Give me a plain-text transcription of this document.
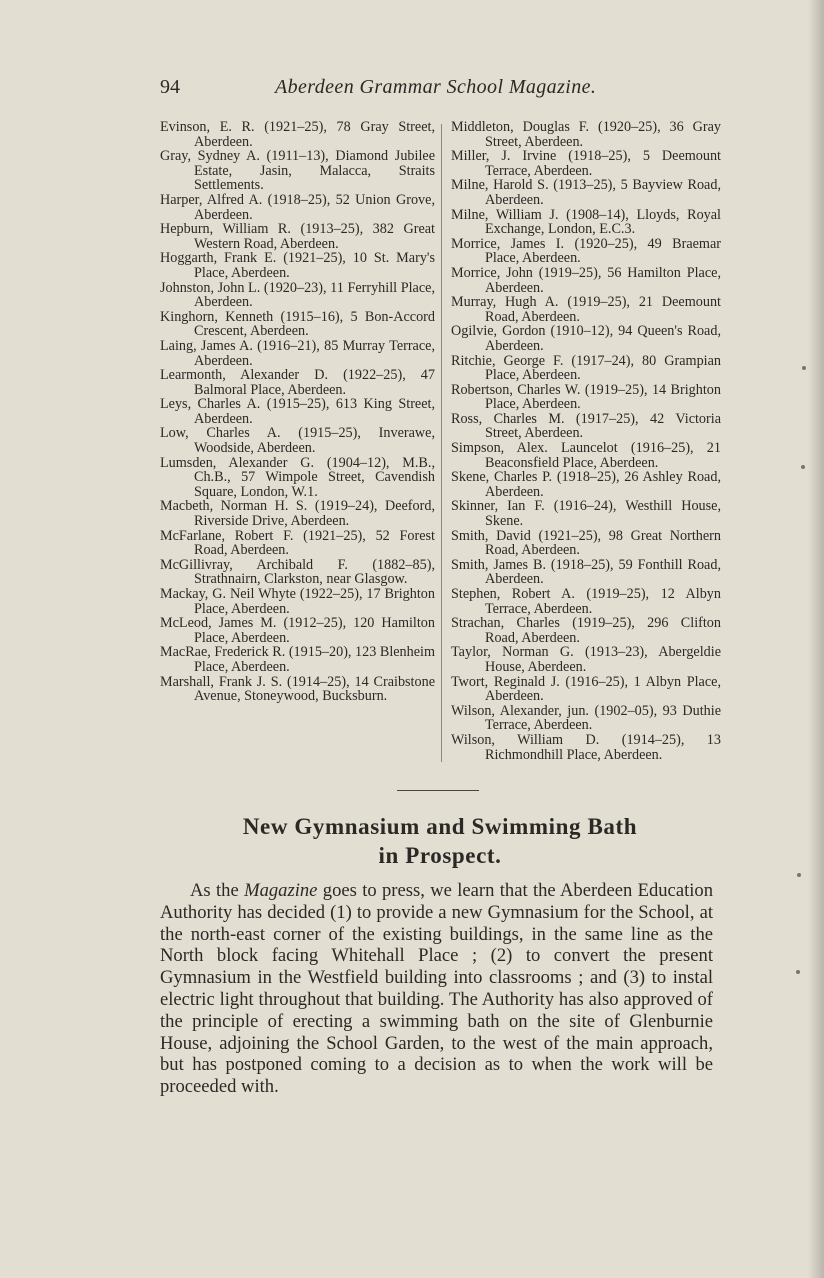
94	Aberdeen Grammar School Magazine.

Evinson, E. R. (1921–25), 78 Gray Street, Aberdeen.

Gray, Sydney A. (1911–13), Diamond Jubilee Estate, Jasin, Malacca, Straits Settlements.

Harper, Alfred A. (1918–25), 52 Union Grove, Aberdeen.

Hepburn, William R. (1913–25), 382 Great Western Road, Aberdeen.

Hoggarth, Frank E. (1921–25), 10 St. Mary's Place, Aberdeen.

Johnston, John L. (1920–23), 11 Ferryhill Place, Aberdeen.

Kinghorn, Kenneth (1915–16), 5 Bon-Accord Crescent, Aberdeen.

Laing, James A. (1916–21), 85 Murray Terrace, Aberdeen.

Learmonth, Alexander D. (1922–25), 47 Balmoral Place, Aberdeen.

Leys, Charles A. (1915–25), 613 King Street, Aberdeen.

Low, Charles A. (1915–25), Inverawe, Woodside, Aberdeen.

Lumsden, Alexander G. (1904–12), M.B., Ch.B., 57 Wimpole Street, Cavendish Square, London, W.1.

Macbeth, Norman H. S. (1919–24), Deeford, Riverside Drive, Aberdeen.

McFarlane, Robert F. (1921–25), 52 Forest Road, Aberdeen.

McGillivray, Archibald F. (1882–85), Strathnairn, Clarkston, near Glasgow.

Mackay, G. Neil Whyte (1922–25), 17 Brighton Place, Aberdeen.

McLeod, James M. (1912–25), 120 Hamilton Place, Aberdeen.

MacRae, Frederick R. (1915–20), 123 Blenheim Place, Aberdeen.

Marshall, Frank J. S. (1914–25), 14 Craibstone Avenue, Stoneywood, Bucksburn.

Middleton, Douglas F. (1920–25), 36 Gray Street, Aberdeen.

Miller, J. Irvine (1918–25), 5 Deemount Terrace, Aberdeen.

Milne, Harold S. (1913–25), 5 Bayview Road, Aberdeen.

Milne, William J. (1908–14), Lloyds, Royal Exchange, London, E.C.3.

Morrice, James I. (1920–25), 49 Braemar Place, Aberdeen.

Morrice, John (1919–25), 56 Hamilton Place, Aberdeen.

Murray, Hugh A. (1919–25), 21 Deemount Road, Aberdeen.

Ogilvie, Gordon (1910–12), 94 Queen's Road, Aberdeen.

Ritchie, George F. (1917–24), 80 Grampian Place, Aberdeen.

Robertson, Charles W. (1919–25), 14 Brighton Place, Aberdeen.

Ross, Charles M. (1917–25), 42 Victoria Street, Aberdeen.

Simpson, Alex. Launcelot (1916–25), 21 Beaconsfield Place, Aberdeen.

Skene, Charles P. (1918–25), 26 Ashley Road, Aberdeen.

Skinner, Ian F. (1916–24), Westhill House, Skene.

Smith, David (1921–25), 98 Great Northern Road, Aberdeen.

Smith, James B. (1918–25), 59 Fonthill Road, Aberdeen.

Stephen, Robert A. (1919–25), 12 Albyn Terrace, Aberdeen.

Strachan, Charles (1919–25), 296 Clifton Road, Aberdeen.

Taylor, Norman G. (1913–23), Abergeldie House, Aberdeen.

Twort, Reginald J. (1916–25), 1 Albyn Place, Aberdeen.

Wilson, Alexander, jun. (1902–05), 93 Duthie Terrace, Aberdeen.

Wilson, William D. (1914–25), 13 Richmondhill Place, Aberdeen.

New Gymnasium and Swimming Bath
in Prospect.

As the Magazine goes to press, we learn that the Aberdeen Education Authority has decided (1) to provide a new Gymnasium for the School, at the north-east corner of the existing buildings, in the same line as the North block facing Whitehall Place ; (2) to convert the present Gymnasium in the Westfield building into classrooms ; and (3) to instal electric light throughout that building. The Authority has also approved of the principle of erecting a swimming bath on the site of Glenburnie House, adjoining the School Garden, to the west of the main approach, but has postponed coming to a decision as to when the work will be proceeded with.
